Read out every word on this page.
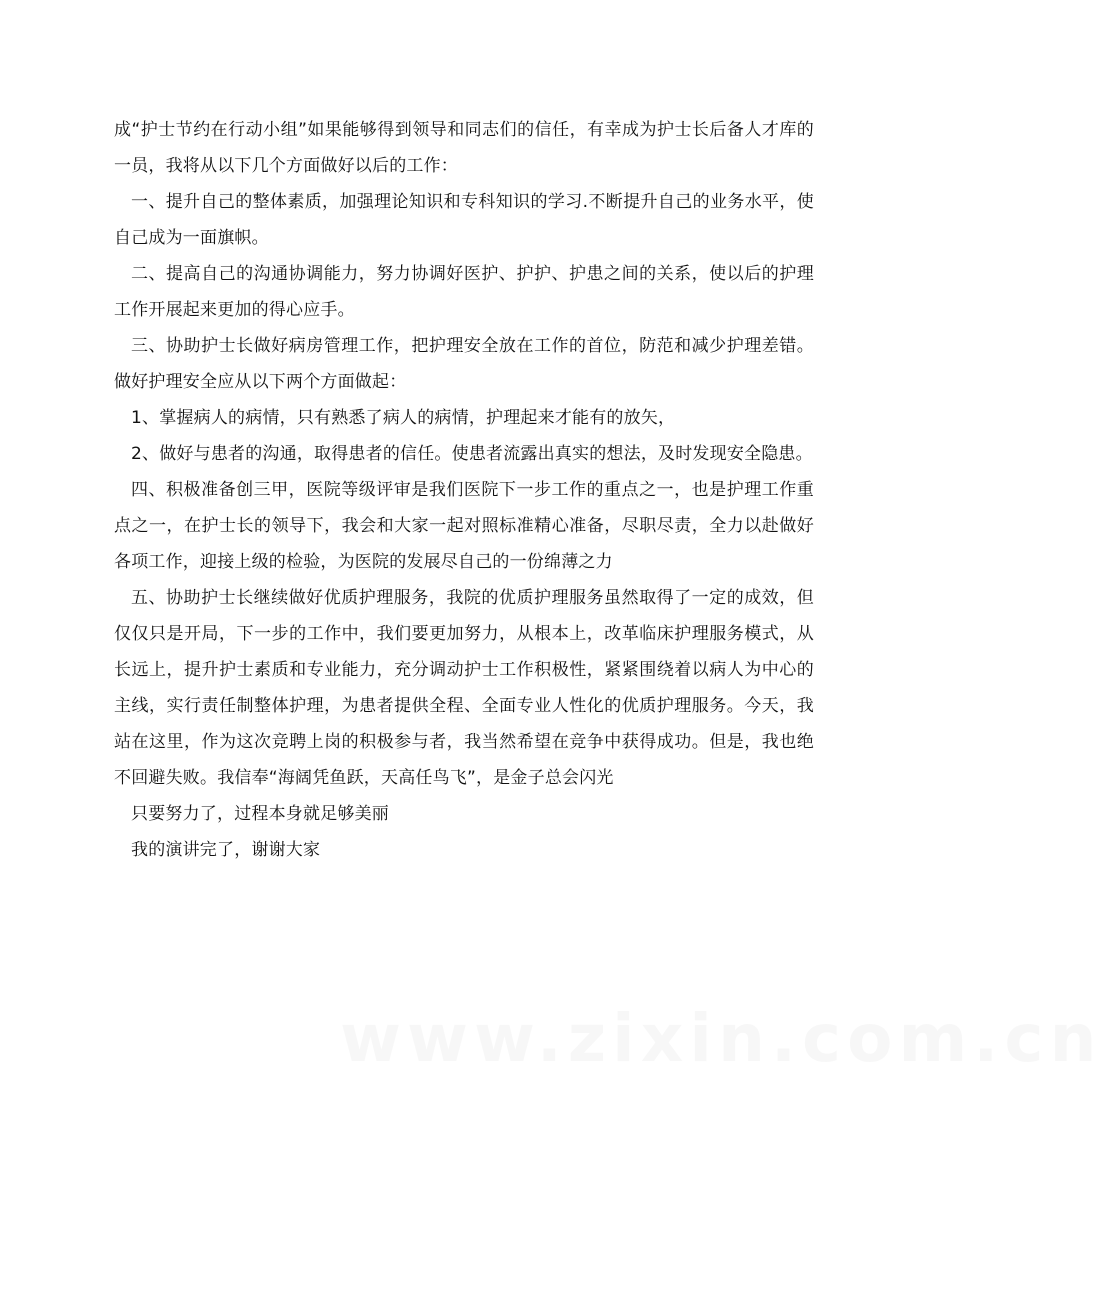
成“护士节约在行动小组”如果能够得到领导和同志们的信任，有幸成为护士长后备人才库的一员，我将从以下几个方面做好以后的工作：

一、提升自己的整体素质，加强理论知识和专科知识的学习.不断提升自己的业务水平，使自己成为一面旗帜。

二、提高自己的沟通协调能力，努力协调好医护、护护、护患之间的关系，使以后的护理工作开展起来更加的得心应手。

三、协助护士长做好病房管理工作，把护理安全放在工作的首位，防范和减少护理差错。做好护理安全应从以下两个方面做起：

1、掌握病人的病情，只有熟悉了病人的病情，护理起来才能有的放矢，

2、做好与患者的沟通，取得患者的信任。使患者流露出真实的想法，及时发现安全隐患。

四、积极准备创三甲，医院等级评审是我们医院下一步工作的重点之一，也是护理工作重点之一，在护士长的领导下，我会和大家一起对照标准精心准备，尽职尽责，全力以赴做好各项工作，迎接上级的检验，为医院的发展尽自己的一份绵薄之力

五、协助护士长继续做好优质护理服务，我院的优质护理服务虽然取得了一定的成效，但仅仅只是开局，下一步的工作中，我们要更加努力，从根本上，改革临床护理服务模式，从长远上，提升护士素质和专业能力，充分调动护士工作积极性，紧紧围绕着以病人为中心的主线，实行责任制整体护理，为患者提供全程、全面专业人性化的优质护理服务。今天，我站在这里，作为这次竞聘上岗的积极参与者，我当然希望在竞争中获得成功。但是，我也绝不回避失败。我信奉“海阔凭鱼跃，天高任鸟飞”，是金子总会闪光

只要努力了，过程本身就足够美丽

我的演讲完了，谢谢大家

www.zixin.com.cn
